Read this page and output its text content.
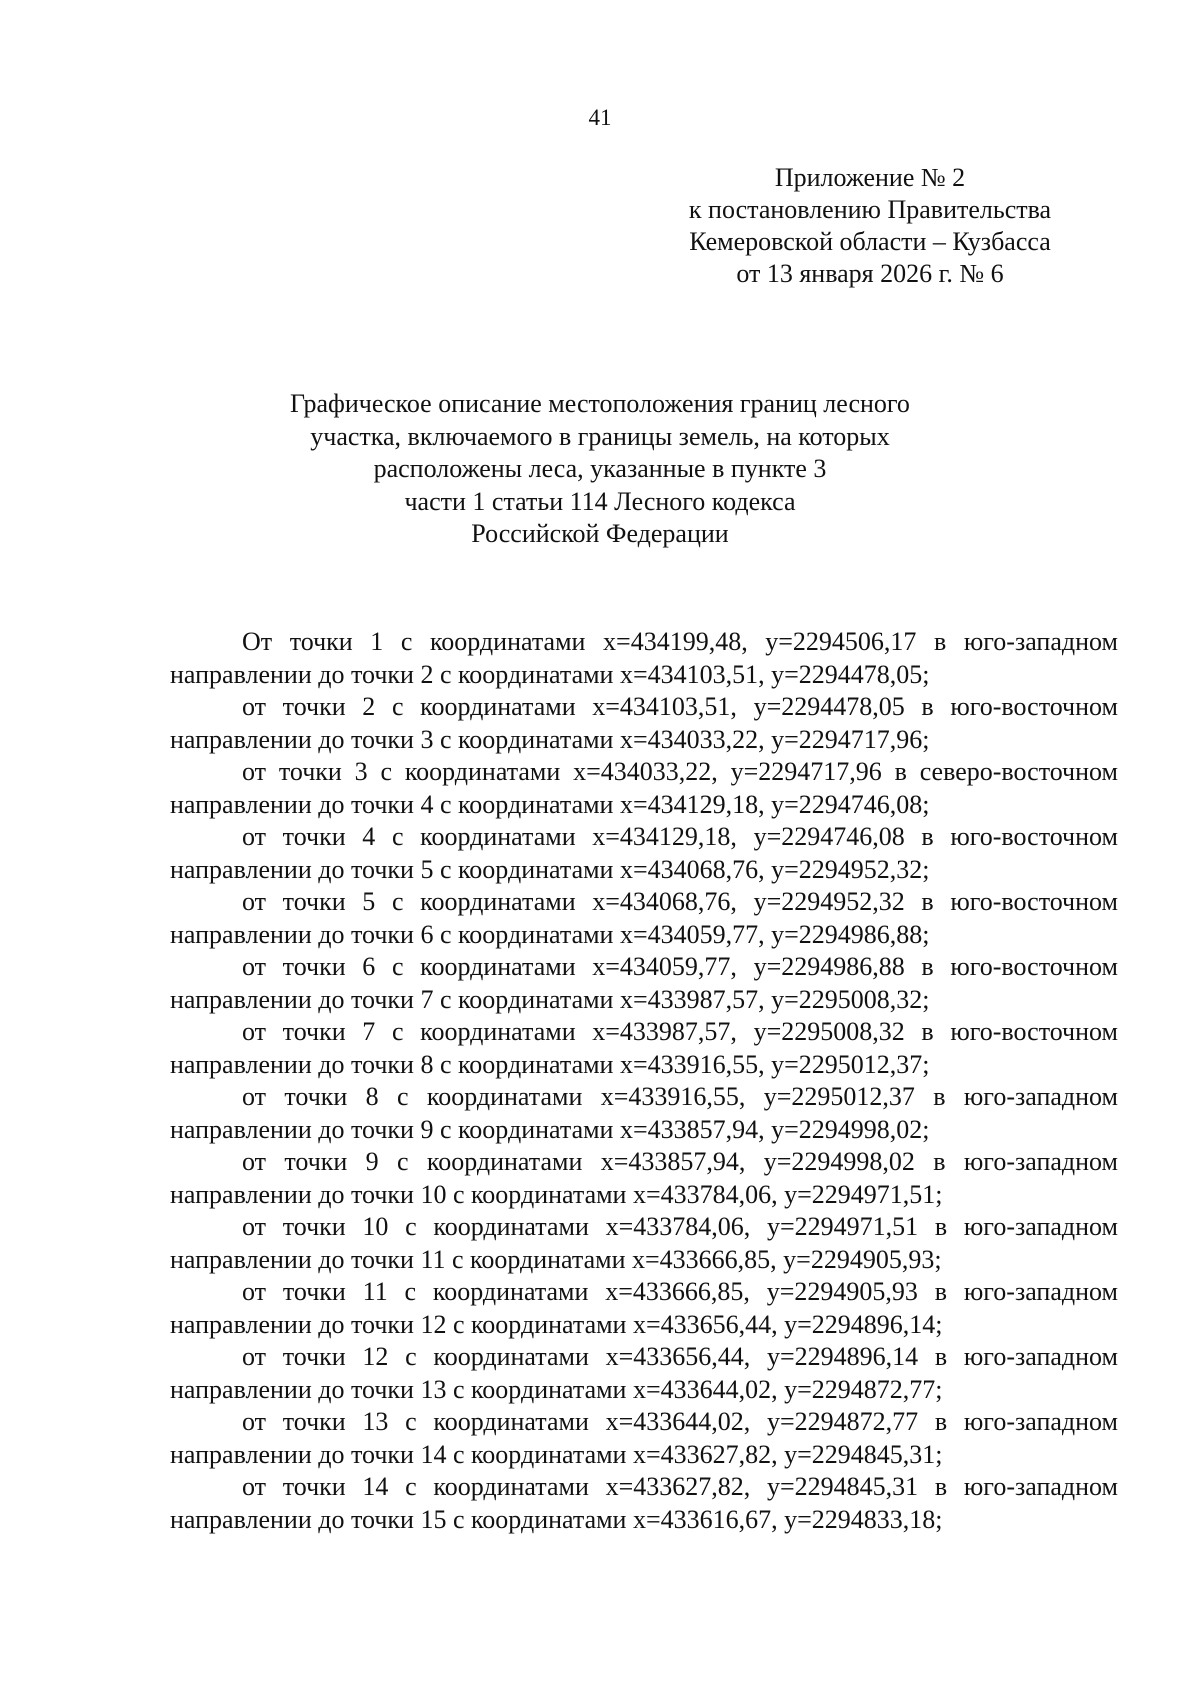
41
Приложение № 2
к постановлению Правительства
Кемеровской области – Кузбасса
от 13 января 2026 г. № 6
Графическое описание местоположения границ лесного
участка, включаемого в границы земель, на которых
расположены леса, указанные в пункте 3
части 1 статьи 114 Лесного кодекса
Российской Федерации

От точки 1 с координатами x=434199,48, y=2294506,17 в юго-западном направлении до точки 2 с координатами x=434103,51, y=2294478,05;

от точки 2 с координатами x=434103,51, y=2294478,05 в юго-восточном направлении до точки 3 с координатами x=434033,22, y=2294717,96;

от точки 3 с координатами x=434033,22, y=2294717,96 в северо-восточном направлении до точки 4 с координатами x=434129,18, y=2294746,08;

от точки 4 с координатами x=434129,18, y=2294746,08 в юго-восточном направлении до точки 5 с координатами x=434068,76, y=2294952,32;

от точки 5 с координатами x=434068,76, y=2294952,32 в юго-восточном направлении до точки 6 с координатами x=434059,77, y=2294986,88;

от точки 6 с координатами x=434059,77, y=2294986,88 в юго-восточном направлении до точки 7 с координатами x=433987,57, y=2295008,32;

от точки 7 с координатами x=433987,57, y=2295008,32 в юго-восточном направлении до точки 8 с координатами x=433916,55, y=2295012,37;

от точки 8 с координатами x=433916,55, y=2295012,37 в юго-западном направлении до точки 9 с координатами x=433857,94, y=2294998,02;

от точки 9 с координатами x=433857,94, y=2294998,02 в юго-западном направлении до точки 10 с координатами x=433784,06, y=2294971,51;

от точки 10 с координатами x=433784,06, y=2294971,51 в юго-западном направлении до точки 11 с координатами x=433666,85, y=2294905,93;

от точки 11 с координатами x=433666,85, y=2294905,93 в юго-западном направлении до точки 12 с координатами x=433656,44, y=2294896,14;

от точки 12 с координатами x=433656,44, y=2294896,14 в юго-западном направлении до точки 13 с координатами x=433644,02, y=2294872,77;

от точки 13 с координатами x=433644,02, y=2294872,77 в юго-западном направлении до точки 14 с координатами x=433627,82, y=2294845,31;

от точки 14 с координатами x=433627,82, y=2294845,31 в юго-западном направлении до точки 15 с координатами x=433616,67, y=2294833,18;
